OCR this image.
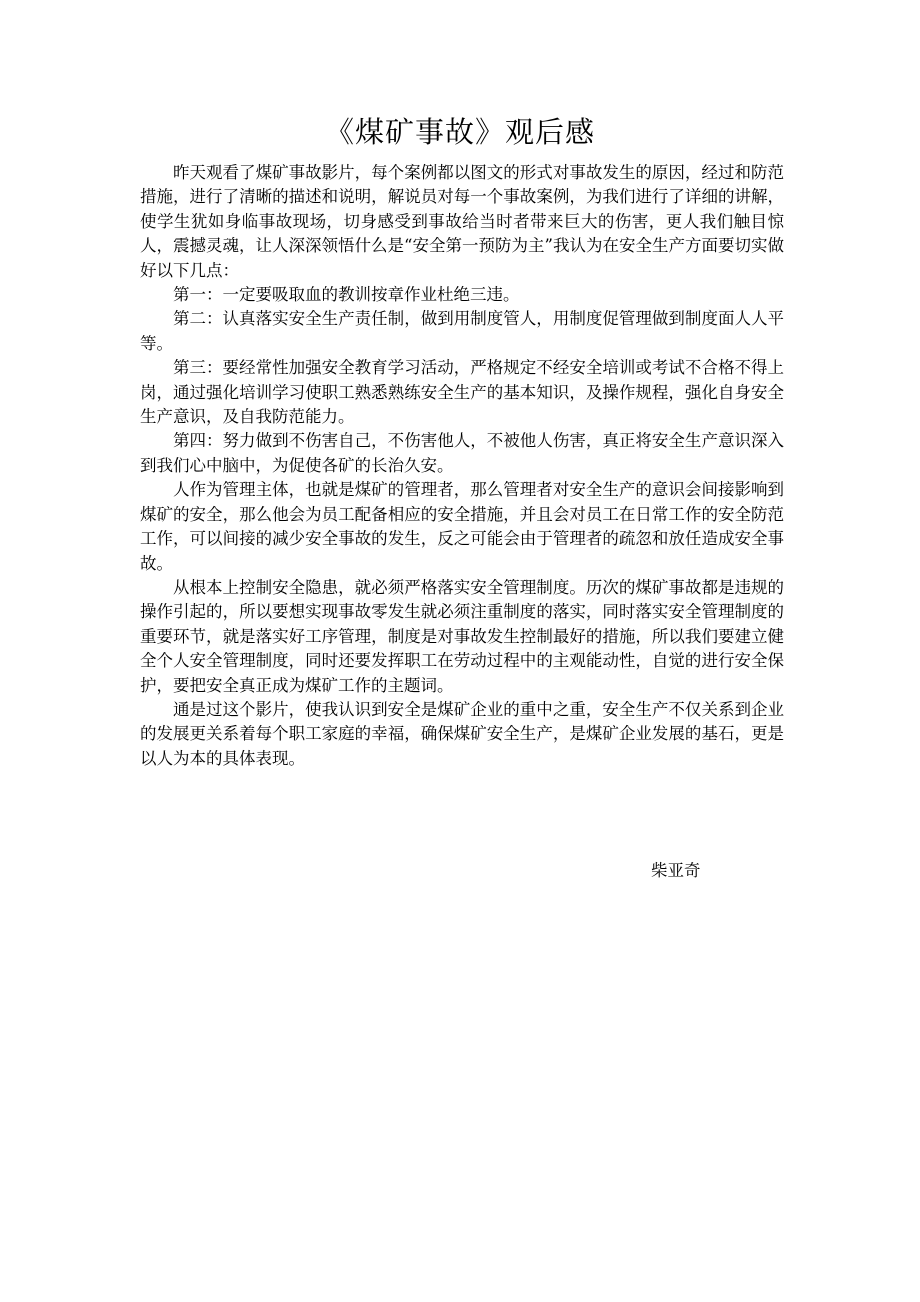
《煤矿事故》观后感

昨天观看了煤矿事故影片，每个案例都以图文的形式对事故发生的原因，经过和防范措施，进行了清晰的描述和说明，解说员对每一个事故案例，为我们进行了详细的讲解，使学生犹如身临事故现场，切身感受到事故给当时者带来巨大的伤害，更人我们触目惊人，震撼灵魂，让人深深领悟什么是“安全第一预防为主”我认为在安全生产方面要切实做好以下几点：

第一：一定要吸取血的教训按章作业杜绝三违。

第二：认真落实安全生产责任制，做到用制度管人，用制度促管理做到制度面人人平等。

第三：要经常性加强安全教育学习活动，严格规定不经安全培训或考试不合格不得上岗，通过强化培训学习使职工熟悉熟练安全生产的基本知识，及操作规程，强化自身安全生产意识，及自我防范能力。

第四：努力做到不伤害自己，不伤害他人，不被他人伤害，真正将安全生产意识深入到我们心中脑中，为促使各矿的长治久安。

人作为管理主体，也就是煤矿的管理者，那么管理者对安全生产的意识会间接影响到煤矿的安全，那么他会为员工配备相应的安全措施，并且会对员工在日常工作的安全防范工作，可以间接的减少安全事故的发生，反之可能会由于管理者的疏忽和放任造成安全事故。

从根本上控制安全隐患，就必须严格落实安全管理制度。历次的煤矿事故都是违规的操作引起的，所以要想实现事故零发生就必须注重制度的落实，同时落实安全管理制度的重要环节，就是落实好工序管理，制度是对事故发生控制最好的措施，所以我们要建立健全个人安全管理制度，同时还要发挥职工在劳动过程中的主观能动性，自觉的进行安全保护，要把安全真正成为煤矿工作的主题词。

通是过这个影片，使我认识到安全是煤矿企业的重中之重，安全生产不仅关系到企业的发展更关系着每个职工家庭的幸福，确保煤矿安全生产，是煤矿企业发展的基石，更是以人为本的具体表现。

柴亚奇
